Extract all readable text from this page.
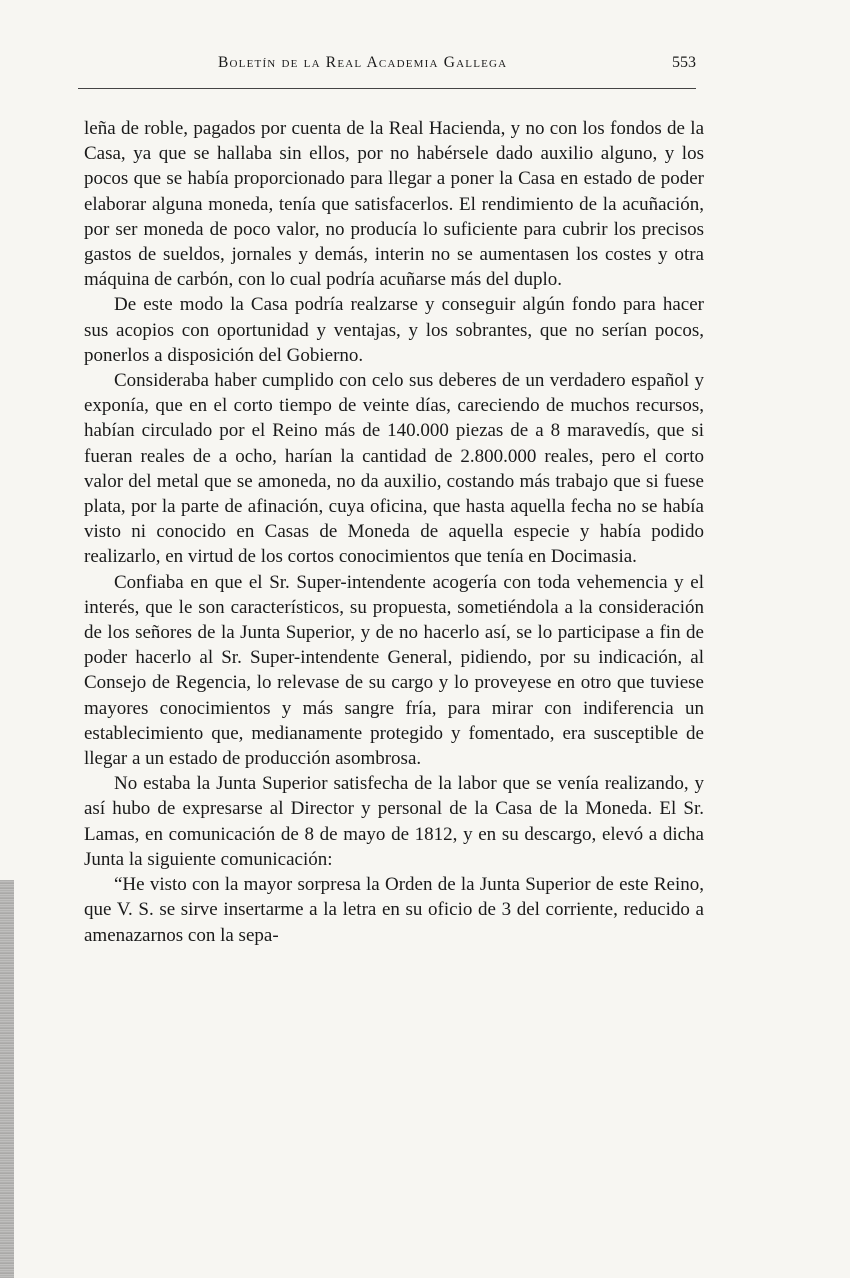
Boletín de la Real Academia Gallega	553

leña de roble, pagados por cuenta de la Real Hacienda, y no con los fondos de la Casa, ya que se hallaba sin ellos, por no habérsele dado auxilio alguno, y los pocos que se había proporcionado para llegar a poner la Casa en estado de poder elaborar alguna moneda, tenía que satisfacerlos. El rendimiento de la acuñación, por ser moneda de poco valor, no producía lo suficiente para cubrir los precisos gastos de sueldos, jornales y demás, interin no se aumentasen los costes y otra máquina de carbón, con lo cual podría acuñarse más del duplo.

De este modo la Casa podría realzarse y conseguir algún fondo para hacer sus acopios con oportunidad y ventajas, y los sobrantes, que no serían pocos, ponerlos a disposición del Gobierno.

Consideraba haber cumplido con celo sus deberes de un verdadero español y exponía, que en el corto tiempo de veinte días, careciendo de muchos recursos, habían circulado por el Reino más de 140.000 piezas de a 8 maravedís, que si fueran reales de a ocho, harían la cantidad de 2.800.000 reales, pero el corto valor del metal que se amoneda, no da auxilio, costando más trabajo que si fuese plata, por la parte de afinación, cuya oficina, que hasta aquella fecha no se había visto ni conocido en Casas de Moneda de aquella especie y había podido realizarlo, en virtud de los cortos conocimientos que tenía en Docimasia.

Confiaba en que el Sr. Super-intendente acogería con toda vehemencia y el interés, que le son característicos, su propuesta, sometiéndola a la consideración de los señores de la Junta Superior, y de no hacerlo así, se lo participase a fin de poder hacerlo al Sr. Super-intendente General, pidiendo, por su indicación, al Consejo de Regencia, lo relevase de su cargo y lo proveyese en otro que tuviese mayores conocimientos y más sangre fría, para mirar con indiferencia un establecimiento que, medianamente protegido y fomentado, era susceptible de llegar a un estado de producción asombrosa.

No estaba la Junta Superior satisfecha de la labor que se venía realizando, y así hubo de expresarse al Director y personal de la Casa de la Moneda. El Sr. Lamas, en comunicación de 8 de mayo de 1812, y en su descargo, elevó a dicha Junta la siguiente comunicación:

“He visto con la mayor sorpresa la Orden de la Junta Superior de este Reino, que V. S. se sirve insertarme a la letra en su oficio de 3 del corriente, reducido a amenazarnos con la sepa-
